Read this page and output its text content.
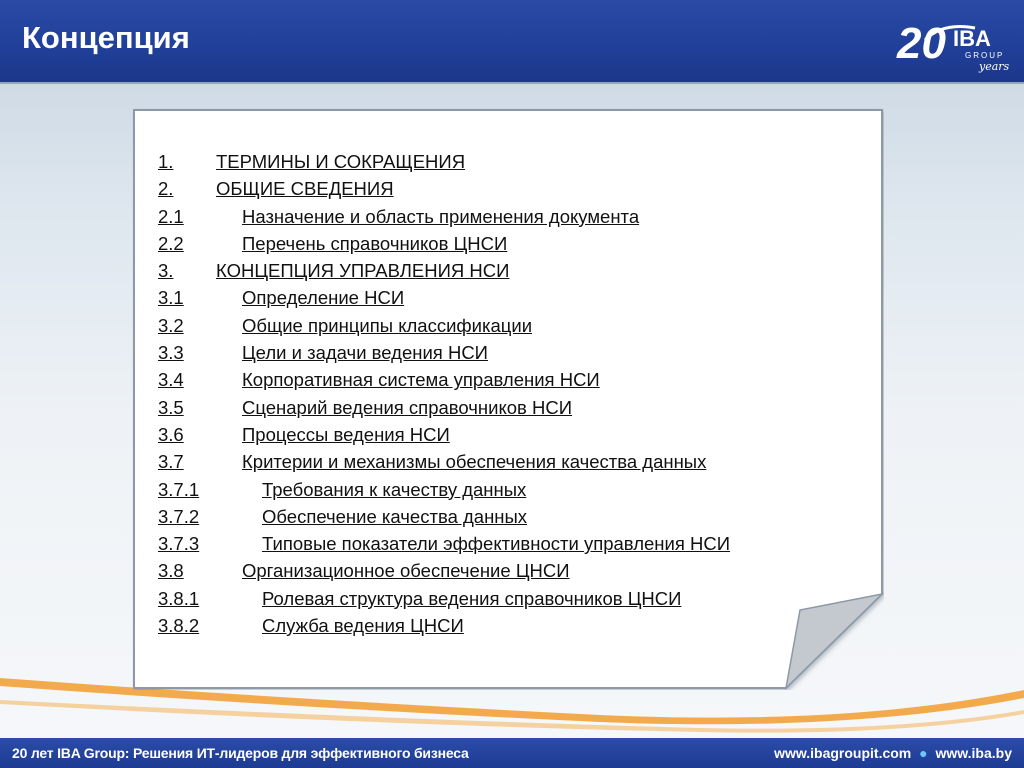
Концепция	20 IBA
GROUP
years
1. ТЕРМИНЫ И СОКРАЩЕНИЯ
2. ОБЩИЕ СВЕДЕНИЯ
2.1	Назначение и область применения документа
2.2	Перечень справочников ЦНСИ
3. КОНЦЕПЦИЯ УПРАВЛЕНИЯ НСИ
3.1	Определение НСИ
3.2	Общие принципы классификации
3.3	Цели и задачи ведения НСИ
3.4	Корпоративная система управления НСИ
3.5	Сценарий ведения справочников НСИ
3.6	Процессы ведения НСИ
3.7	Критерии и механизмы обеспечения качества данных
3.7.1	Требования к качеству данных
3.7.2	Обеспечение качества данных
3.7.3	Типовые показатели эффективности управления НСИ
3.8	Организационное обеспечение ЦНСИ
3.8.1	Ролевая структура ведения справочников ЦНСИ
3.8.2	Служба ведения ЦНСИ
20 лет IBA Group: Решения ИТ-лидеров для эффективного бизнеса	www.ibagroupit.com ● www.iba.by
